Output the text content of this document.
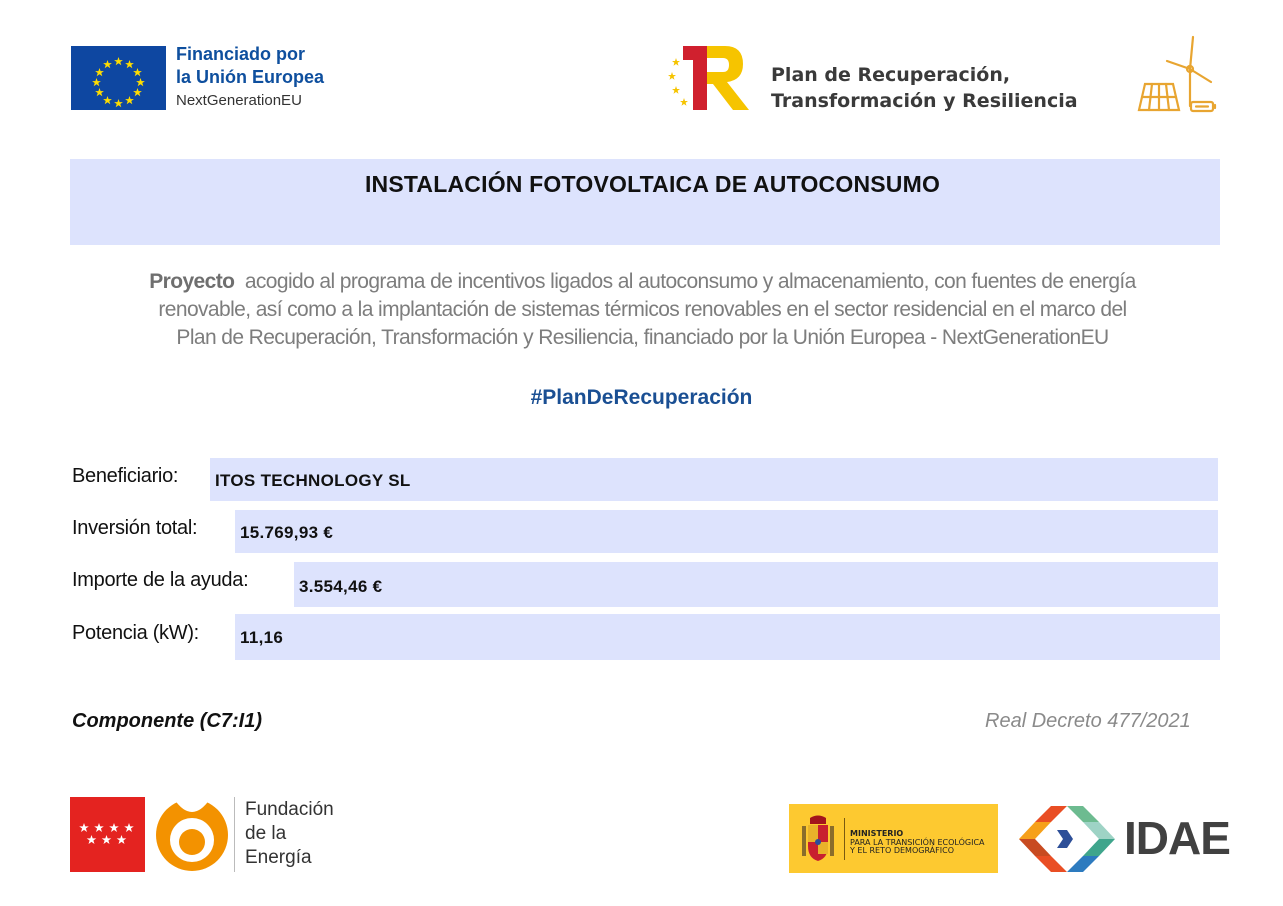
Financiado por
la Unión Europea
NextGenerationEU
Plan de Recuperación,
Transformación y Resiliencia
INSTALACIÓN FOTOVOLTAICA DE AUTOCONSUMO
Proyecto acogido al programa de incentivos ligados al autoconsumo y almacenamiento, con fuentes de energía
renovable, así como a la implantación de sistemas térmicos renovables en el sector residencial en el marco del
Plan de Recuperación, Transformación y Resiliencia, financiado por la Unión Europea - NextGenerationEU
#PlanDeRecuperación
Beneficiario: ITOS TECHNOLOGY SL
Inversión total:	15.769,93 €
Importe de la ayuda:	3.554,46 €
Potencia (kW): 11,16
Componente (C7:I1)	Real Decreto 477/2021
Fundación
de la
Energía
MINISTERIO
PARA LA TRANSICIÓN ECOLÓGICA
Y EL RETO DEMOGRÁFICO	IDAE
